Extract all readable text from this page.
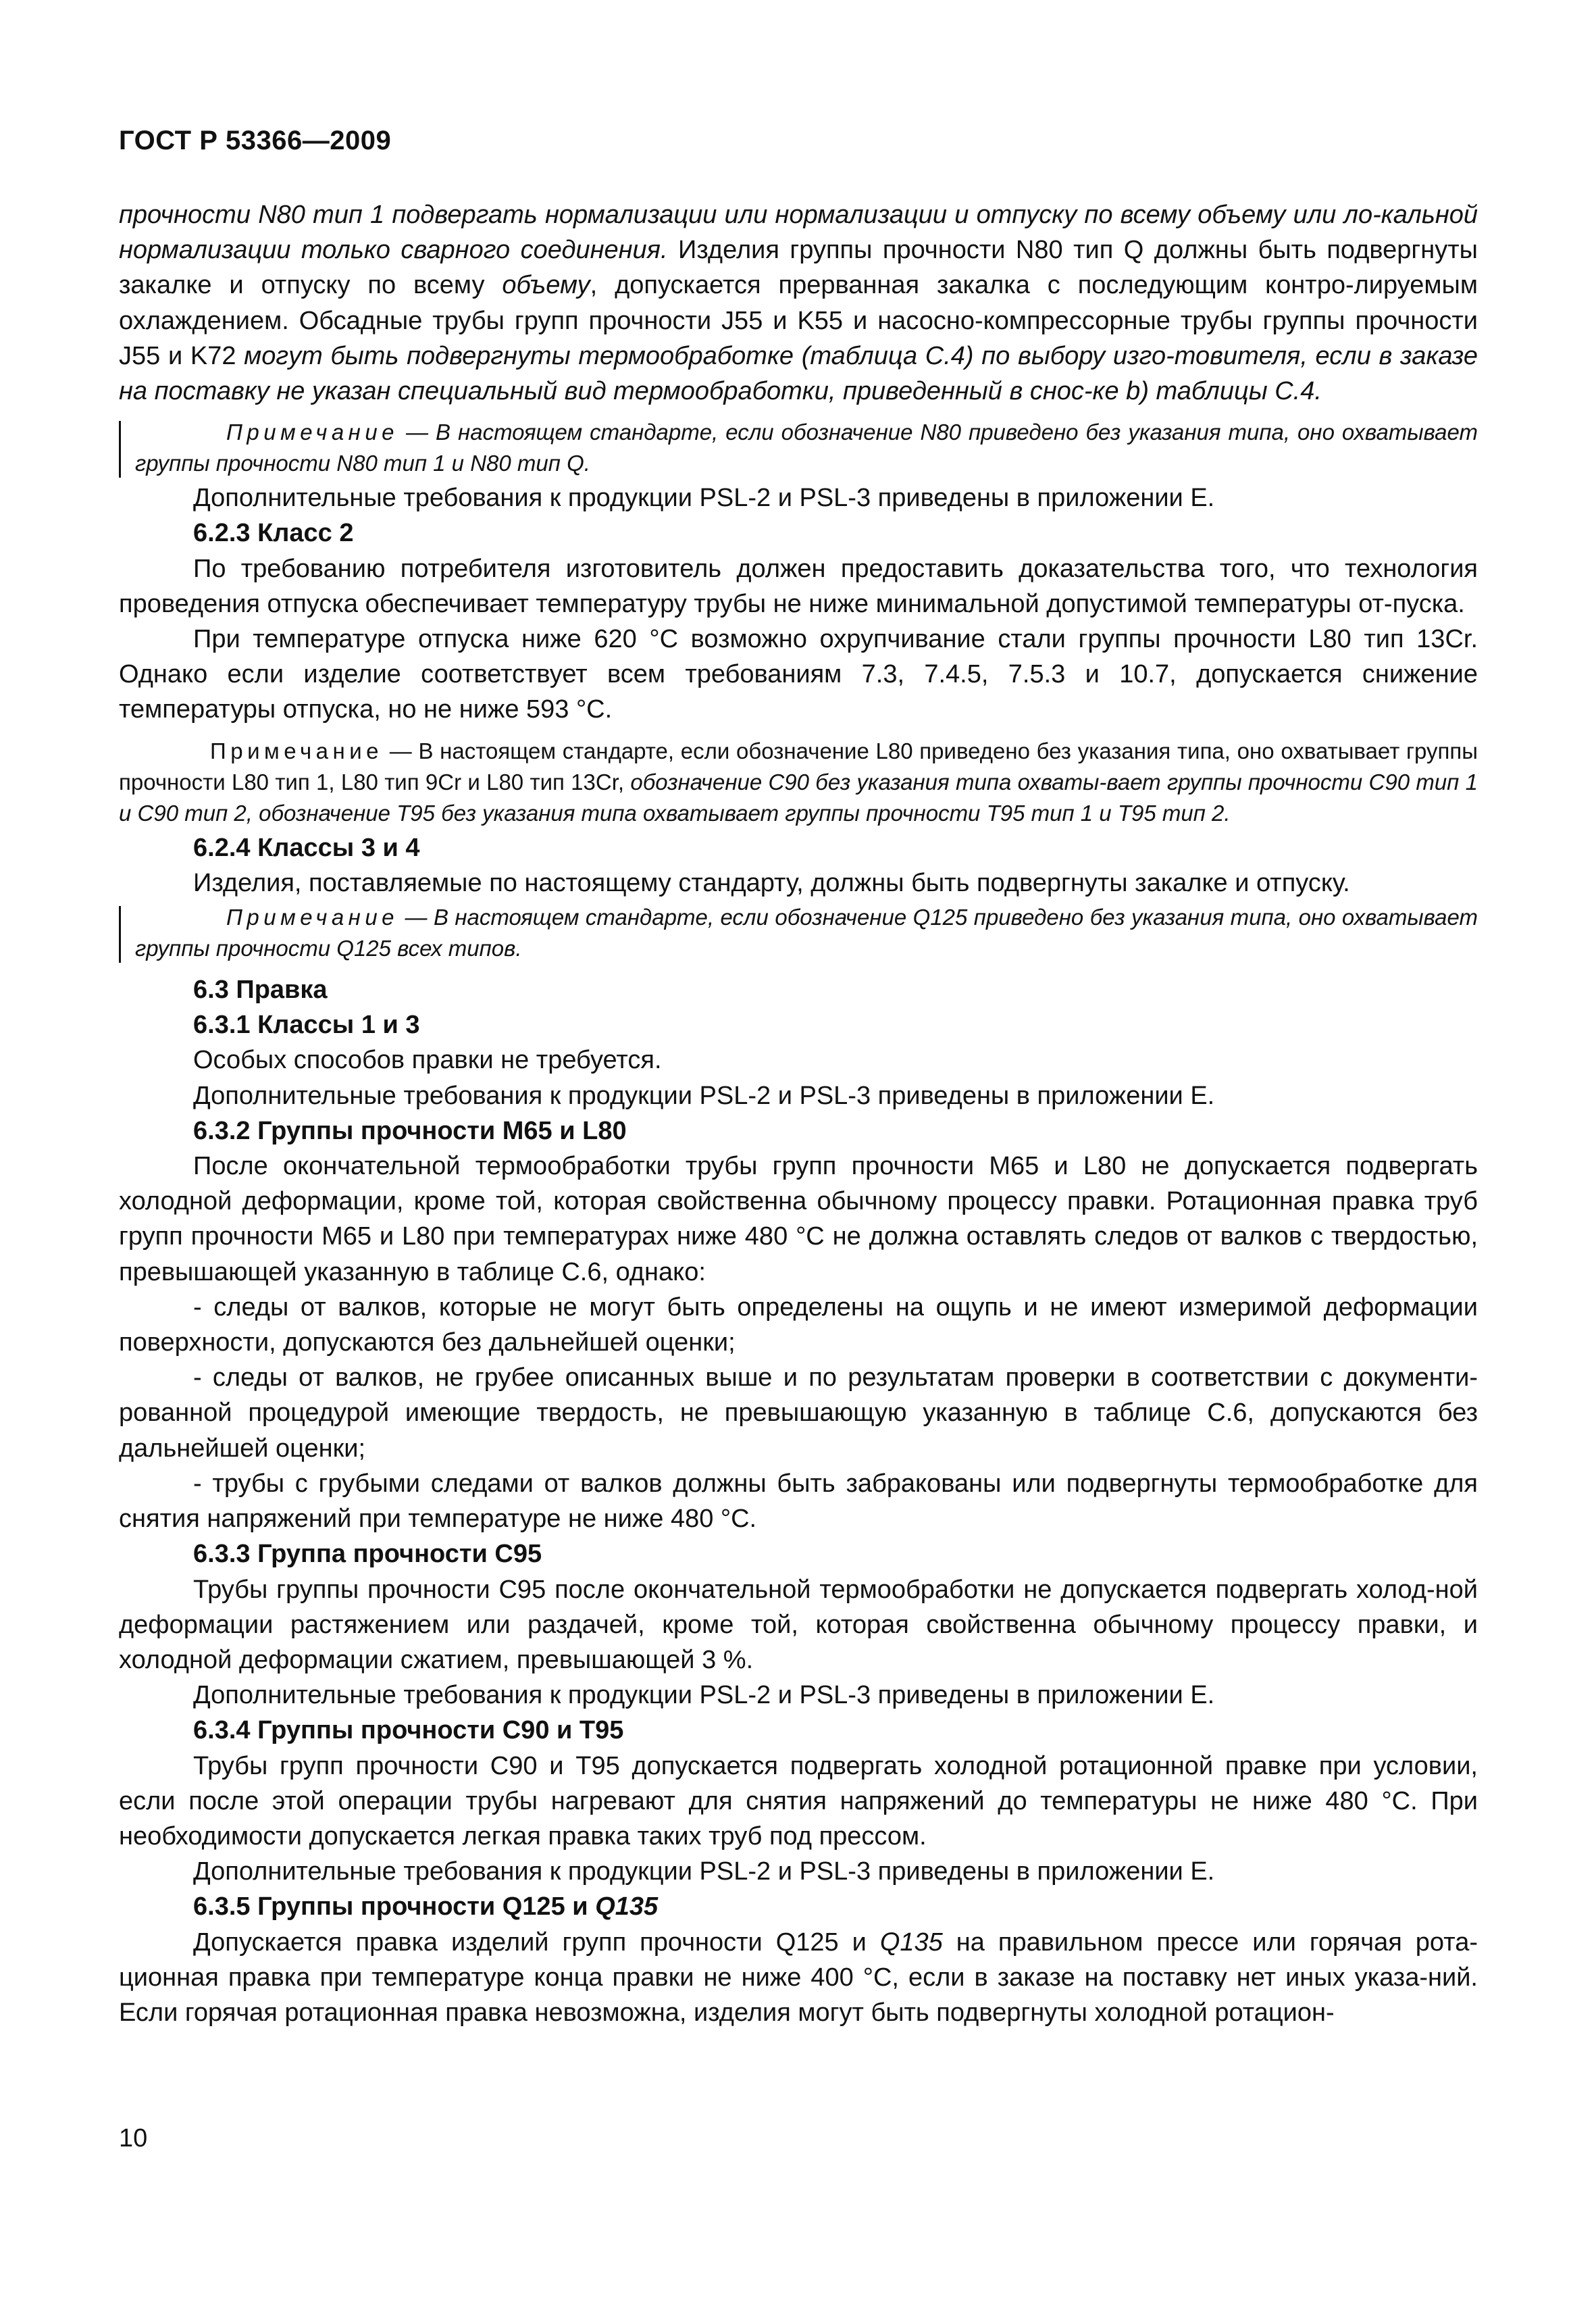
ГОСТ Р 53366—2009

прочности N80 тип 1 подвергать нормализации или нормализации и отпуску по всему объему или ло-кальной нормализации только сварного соединения. Изделия группы прочности N80 тип Q должны быть подвергнуты закалке и отпуску по всему объему, допускается прерванная закалка с последующим контро-лируемым охлаждением. Обсадные трубы групп прочности J55 и K55 и насосно-компрессорные трубы группы прочности J55 и K72 могут быть подвергнуты термообработке (таблица С.4) по выбору изго-товителя, если в заказе на поставку не указан специальный вид термообработки, приведенный в снос-ке b) таблицы С.4.

Примечание — В настоящем стандарте, если обозначение N80 приведено без указания типа, оно охватывает группы прочности N80 тип 1 и N80 тип Q.

Дополнительные требования к продукции PSL-2 и PSL-3 приведены в приложении Е.

6.2.3 Класс 2

По требованию потребителя изготовитель должен предоставить доказательства того, что технология проведения отпуска обеспечивает температуру трубы не ниже минимальной допустимой температуры от-пуска.

При температуре отпуска ниже 620 °С возможно охрупчивание стали группы прочности L80 тип 13Cr. Однако если изделие соответствует всем требованиям 7.3, 7.4.5, 7.5.3 и 10.7, допускается снижение температуры отпуска, но не ниже 593 °С.

Примечание — В настоящем стандарте, если обозначение L80 приведено без указания типа, оно охватывает группы прочности L80 тип 1, L80 тип 9Cr и L80 тип 13Cr, обозначение С90 без указания типа охваты-вает группы прочности С90 тип 1 и С90 тип 2, обозначение Т95 без указания типа охватывает группы прочности Т95 тип 1 и Т95 тип 2.

6.2.4 Классы 3 и 4

Изделия, поставляемые по настоящему стандарту, должны быть подвергнуты закалке и отпуску.

Примечание — В настоящем стандарте, если обозначение Q125 приведено без указания типа, оно охватывает группы прочности Q125 всех типов.

6.3 Правка

6.3.1 Классы 1 и 3

Особых способов правки не требуется.

Дополнительные требования к продукции PSL-2 и PSL-3 приведены в приложении Е.

6.3.2 Группы прочности М65 и L80

После окончательной термообработки трубы групп прочности М65 и L80 не допускается подвергать холодной деформации, кроме той, которая свойственна обычному процессу правки. Ротационная правка труб групп прочности М65 и L80 при температурах ниже 480 °С не должна оставлять следов от валков с твердостью, превышающей указанную в таблице С.6, однако:

- следы от валков, которые не могут быть определены на ощупь и не имеют измеримой деформации поверхности, допускаются без дальнейшей оценки;

- следы от валков, не грубее описанных выше и по результатам проверки в соответствии с документи-рованной процедурой имеющие твердость, не превышающую указанную в таблице С.6, допускаются без дальнейшей оценки;

- трубы с грубыми следами от валков должны быть забракованы или подвергнуты термообработке для снятия напряжений при температуре не ниже 480 °С.

6.3.3 Группа прочности С95

Трубы группы прочности С95 после окончательной термообработки не допускается подвергать холод-ной деформации растяжением или раздачей, кроме той, которая свойственна обычному процессу правки, и холодной деформации сжатием, превышающей 3 %.

Дополнительные требования к продукции PSL-2 и PSL-3 приведены в приложении Е.

6.3.4 Группы прочности С90 и Т95

Трубы групп прочности С90 и Т95 допускается подвергать холодной ротационной правке при условии, если после этой операции трубы нагревают для снятия напряжений до температуры не ниже 480 °С. При необходимости допускается легкая правка таких труб под прессом.

Дополнительные требования к продукции PSL-2 и PSL-3 приведены в приложении Е.

6.3.5 Группы прочности Q125 и Q135

Допускается правка изделий групп прочности Q125 и Q135 на правильном прессе или горячая рота-ционная правка при температуре конца правки не ниже 400 °С, если в заказе на поставку нет иных указа-ний. Если горячая ротационная правка невозможна, изделия могут быть подвергнуты холодной ротацион-

10
